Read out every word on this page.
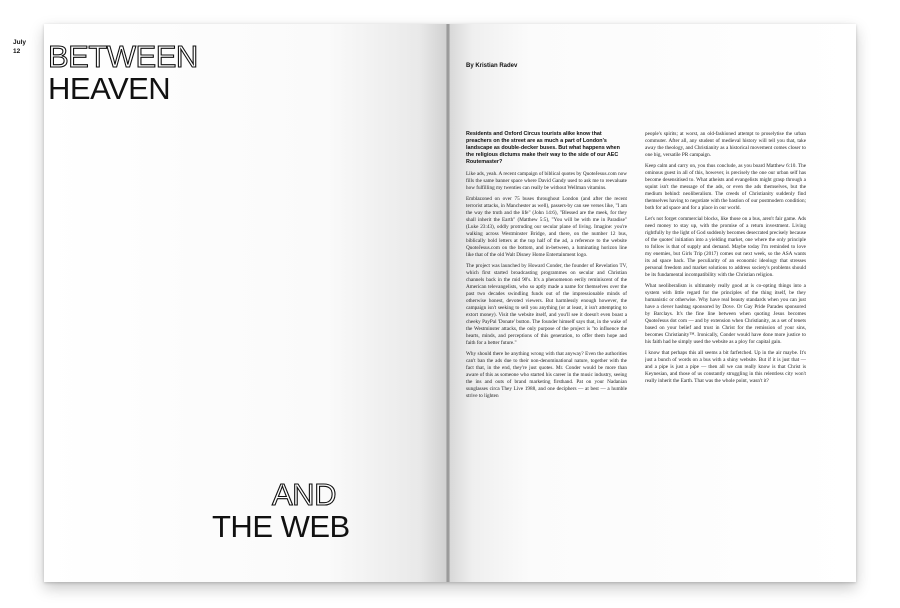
July
12 BETWEEN
HEAVEN
AND
THE WEB
By Kristian Radev

Residents and Oxford Circus tourists alike know that preachers on the street are as much a part of London's landscape as double-decker buses. But what happens when the religious dictums make their way to the side of our AEC Routemaster?

Like ads, yeah. A recent campaign of biblical quotes by QuoteJesus.com now fills the same banner space where David Gandy used to ask me to reevaluate how fulfilling my twenties can really be without Wellman vitamins.

Emblazoned on over 75 buses throughout London (and after the recent terrorist attacks, in Manchester as well), passers-by can see verses like, "I am the way the truth and the life" (John 14:6), "Blessed are the meek, for they shall inherit the Earth" (Matthew 5:5), "You will be with me in Paradise" (Luke 23:43), oddly protruding our secular plane of living. Imagine: you're walking across Westminster Bridge, and there, on the number 12 bus, biblically bold letters at the top half of the ad, a reference to the website QuoteJesus.com on the bottom, and in-between, a luminating horizon line like that of the old Walt Disney Home Entertainment logo.

The project was launched by Howard Conder, the founder of Revelation TV, which first started broadcasting programmes on secular and Christian channels back in the mid 90's. It's a phenomenon eerily reminiscent of the American televangelists, who so aptly made a name for themselves over the past two decades swindling funds out of the impressionable minds of otherwise honest, devoted viewers. But harmlessly enough however, the campaign isn't seeking to sell you anything (or at least, it isn't attempting to extort money). Visit the website itself, and you'll see it doesn't even boast a cheeky PayPal 'Donate' button. The founder himself says that, in the wake of the Westminster attacks, the only purpose of the project is "to influence the hearts, minds, and perceptions of this generation, to offer them hope and faith for a better future."

Why should there be anything wrong with that anyway? Even the authorities can't ban the ads due to their non-denominational nature, together with the fact that, in the end, they're just quotes. Mr. Conder would be more than aware of this as someone who started his career in the music industry, seeing the ins and outs of brand marketing firsthand. Pat on your Nadanian sunglasses circa They Live 1988, and one deciphers — at best — a humble strive to lighten

people's spirits; at worst, an old-fashioned attempt to proselytise the urban commuter. After all, any student of medieval history will tell you that, take away the theology, and Christianity as a historical movement comes closer to one big, versatile PR campaign.

Keep calm and carry on, you thus conclude, as you board Matthew 6:10. The ominous guest in all of this, however, is precisely the one our urban self has become desensitised to. What atheists and evangelists might grasp through a squint isn't the message of the ads, or even the ads themselves, but the medium behind: neoliberalism. The creeds of Christianity suddenly find themselves having to negotiate with the bastion of our postmodern condition; both for ad space and for a place in our world.

Let's not forget commercial blocks, like those on a bus, aren't fair game. Ads need money to stay up, with the promise of a return investment. Living rightfully by the light of God suddenly becomes desecrated precisely because of the quotes' initiation into a yielding market, one where the only principle to follow is that of supply and demand. Maybe today I'm reminded to love my enemies, but Girls Trip (2017) comes out next week, so the ASA wants its ad space back. The peculiarity of an economic ideology that stresses personal freedom and market solutions to address society's problems should be its fundamental incompatibility with the Christian religion.

What neoliberalism is ultimately really good at is co-opting things into a system with little regard for the principles of the thing itself, be they humanistic or otherwise. Why have real beauty standards when you can just have a clever hashtag sponsored by Dove. Or Gay Pride Parades sponsored by Barclays. It's the fine line between when quoting Jesus becomes QuoteJesus dot com — and by extension when Christianity, as a set of tenets based on your belief and trust in Christ for the remission of your sins, becomes Christianity™. Ironically, Conder would have done more justice to his faith had he simply used the website as a ploy for capital gain.

I know that perhaps this all seems a bit farfetched. Up in the air maybe. It's just a bunch of words on a bus with a shiny website. But if it is just that — and a pipe is just a pipe — then all we can really know is that Christ is Keynesian, and those of us constantly struggling in this relentless city won't really inherit the Earth. That was the whole point, wasn't it?
